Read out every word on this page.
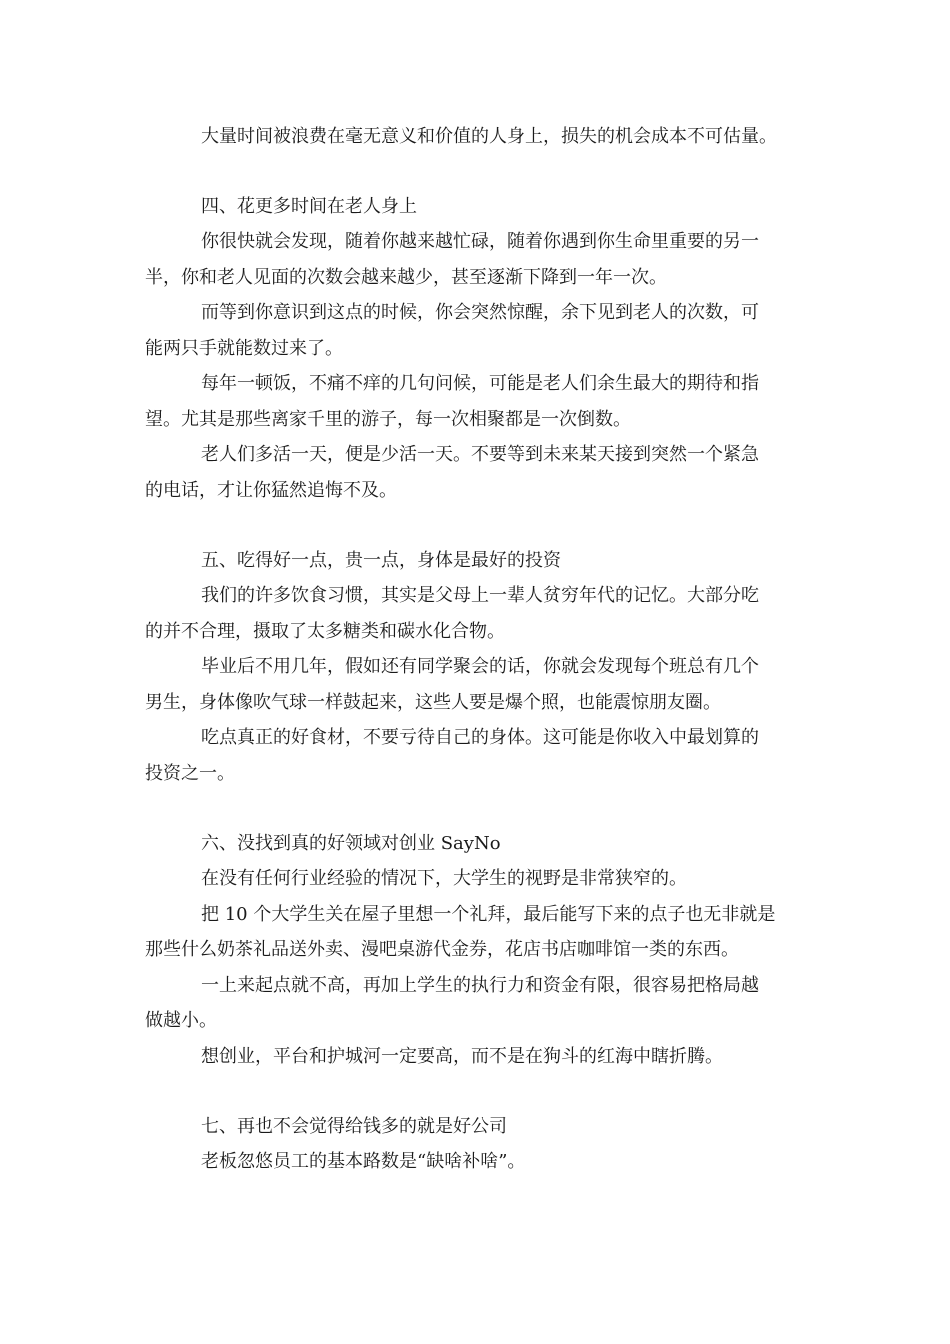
大量时间被浪费在毫无意义和价值的人身上，损失的机会成本不可估量。
四、花更多时间在老人身上
你很快就会发现，随着你越来越忙碌，随着你遇到你生命里重要的另一
半，你和老人见面的次数会越来越少，甚至逐渐下降到一年一次。
而等到你意识到这点的时候，你会突然惊醒，余下见到老人的次数，可
能两只手就能数过来了。
每年一顿饭，不痛不痒的几句问候，可能是老人们余生最大的期待和指
望。尤其是那些离家千里的游子，每一次相聚都是一次倒数。
老人们多活一天，便是少活一天。不要等到未来某天接到突然一个紧急
的电话，才让你猛然追悔不及。
五、吃得好一点，贵一点，身体是最好的投资
我们的许多饮食习惯，其实是父母上一辈人贫穷年代的记忆。大部分吃
的并不合理，摄取了太多糖类和碳水化合物。
毕业后不用几年，假如还有同学聚会的话，你就会发现每个班总有几个
男生，身体像吹气球一样鼓起来，这些人要是爆个照，也能震惊朋友圈。
吃点真正的好食材，不要亏待自己的身体。这可能是你收入中最划算的
投资之一。
六、没找到真的好领域对创业 SayNo
在没有任何行业经验的情况下，大学生的视野是非常狭窄的。
把 10 个大学生关在屋子里想一个礼拜，最后能写下来的点子也无非就是
那些什么奶茶礼品送外卖、漫吧桌游代金券，花店书店咖啡馆一类的东西。
一上来起点就不高，再加上学生的执行力和资金有限，很容易把格局越
做越小。
想创业，平台和护城河一定要高，而不是在狗斗的红海中瞎折腾。
七、再也不会觉得给钱多的就是好公司
老板忽悠员工的基本路数是“缺啥补啥”。
